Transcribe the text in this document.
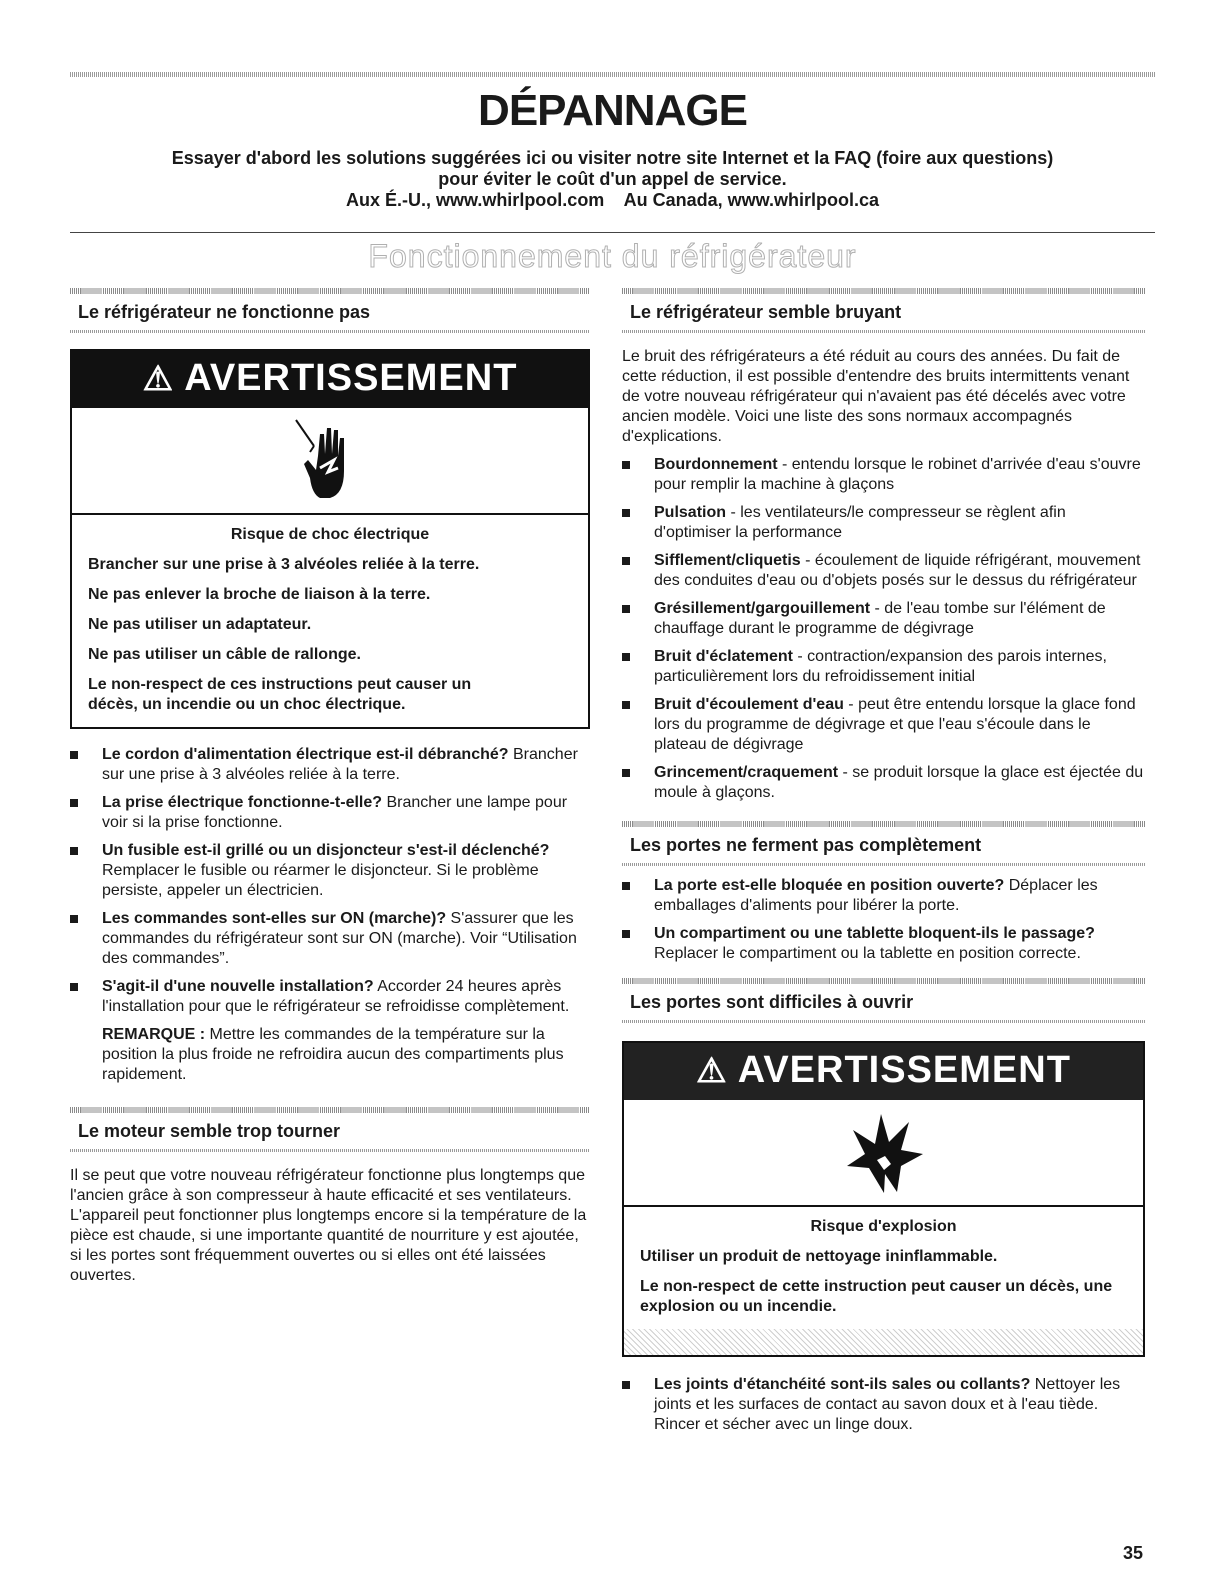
DÉPANNAGE
Essayer d'abord les solutions suggérées ici ou visiter notre site Internet et la FAQ (foire aux questions)
pour éviter le coût d'un appel de service.
Aux É.-U., www.whirlpool.com    Au Canada, www.whirlpool.ca
Fonctionnement du réfrigérateur
Le réfrigérateur ne fonctionne pas
⚠ AVERTISSEMENT
Risque de choc électrique

Brancher sur une prise à 3 alvéoles reliée à la terre.

Ne pas enlever la broche de liaison à la terre.

Ne pas utiliser un adaptateur.

Ne pas utiliser un câble de rallonge.

Le non-respect de ces instructions peut causer un décès, un incendie ou un choc électrique.

Le cordon d'alimentation électrique est-il débranché? Brancher sur une prise à 3 alvéoles reliée à la terre.
La prise électrique fonctionne-t-elle? Brancher une lampe pour voir si la prise fonctionne.
Un fusible est-il grillé ou un disjoncteur s'est-il déclenché? Remplacer le fusible ou réarmer le disjoncteur. Si le problème persiste, appeler un électricien.
Les commandes sont-elles sur ON (marche)? S'assurer que les commandes du réfrigérateur sont sur ON (marche). Voir “Utilisation des commandes”.
S'agit-il d'une nouvelle installation? Accorder 24 heures après l'installation pour que le réfrigérateur se refroidisse complètement.

REMARQUE : Mettre les commandes de la température sur la position la plus froide ne refroidira aucun des compartiments plus rapidement.

Le moteur semble trop tourner

Il se peut que votre nouveau réfrigérateur fonctionne plus longtemps que l'ancien grâce à son compresseur à haute efficacité et ses ventilateurs. L'appareil peut fonctionner plus longtemps encore si la température de la pièce est chaude, si une importante quantité de nourriture y est ajoutée, si les portes sont fréquemment ouvertes ou si elles ont été laissées ouvertes.

Le réfrigérateur semble bruyant

Le bruit des réfrigérateurs a été réduit au cours des années. Du fait de cette réduction, il est possible d'entendre des bruits intermittents venant de votre nouveau réfrigérateur qui n'avaient pas été décelés avec votre ancien modèle. Voici une liste des sons normaux accompagnés d'explications.

Bourdonnement - entendu lorsque le robinet d'arrivée d'eau s'ouvre pour remplir la machine à glaçons
Pulsation - les ventilateurs/le compresseur se règlent afin d'optimiser la performance
Sifflement/cliquetis - écoulement de liquide réfrigérant, mouvement des conduites d'eau ou d'objets posés sur le dessus du réfrigérateur
Grésillement/gargouillement - de l'eau tombe sur l'élément de chauffage durant le programme de dégivrage
Bruit d'éclatement - contraction/expansion des parois internes, particulièrement lors du refroidissement initial
Bruit d'écoulement d'eau - peut être entendu lorsque la glace fond lors du programme de dégivrage et que l'eau s'écoule dans le plateau de dégivrage
Grincement/craquement - se produit lorsque la glace est éjectée du moule à glaçons.
Les portes ne ferment pas complètement
La porte est-elle bloquée en position ouverte? Déplacer les emballages d'aliments pour libérer la porte.
Un compartiment ou une tablette bloquent-ils le passage? Replacer le compartiment ou la tablette en position correcte.
Les portes sont difficiles à ouvrir
⚠ AVERTISSEMENT
Risque d'explosion

Utiliser un produit de nettoyage ininflammable.

Le non-respect de cette instruction peut causer un décès, une explosion ou un incendie.

Les joints d'étanchéité sont-ils sales ou collants? Nettoyer les joints et les surfaces de contact au savon doux et à l'eau tiède. Rincer et sécher avec un linge doux.
35
